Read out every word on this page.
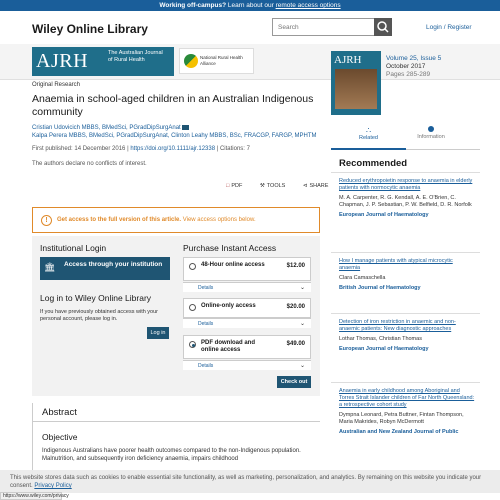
Working off-campus? Learn about our remote access options
Wiley Online Library
Search	Login / Register
AJRH	The Australian Journal of Rural Health	National Rural Health Alliance	AJRH	Volume 25, Issue 5
October 2017
Pages 285-289
Original Research
Anaemia in school-aged children in an Australian Indigenous community
Cristian Udovicich MBBS, BMedSci, PGradDipSurgAnat
Kalpa Perera MBBS, BMedSci, PGradDipSurgAnat, Clinton Leahy MBBS, BSc, FRACGP, FARGP, MPHTM
First published: 14 December 2016 | https://doi.org/10.1111/ajr.12338 | Citations: 7
The authors declare no conflicts of interest.
□ PDF	⚒ TOOLS	⊲ SHARE
∴
Related	Information
Recommended
Reduced erythropoietin response to anaemia in elderly patients with normocytic anaemia
M. A. Carpenter, R. G. Kendall, A. E. O'Brien, C. Chapman, J. P. Sebastian, P. W. Belfield, D. R. Norfolk
European Journal of Haematology
How I manage patients with atypical microcytic anaemia
Clara Camaschella
British Journal of Haematology
Detection of iron restriction in anaemic and non-anaemic patients: New diagnostic approaches
Lothar Thomas, Christian Thomas
European Journal of Haematology
Anaemia in early childhood among Aboriginal and Torres Strait Islander children of Far North Queensland: a retrospective cohort study
Dympna Leonard, Petra Buttner, Fintan Thompson, Maria Makrides, Robyn McDermott
Australian and New Zealand Journal of Public
!	Get access to the full version of this article. View access options below.
Institutional Login
🏛 Access through your institution
Log in to Wiley Online Library
If you have previously obtained access with your personal account, please log in.
Log in
Purchase Instant Access
48-Hour online access	$12.00
Details	⌄
Online-only access	$20.00
Details	⌄
PDF download and online access
$49.00
Details	⌄
Check out
Abstract
Objective
Indigenous Australians have poorer health outcomes compared to the non-Indigenous population. Malnutrition, and subsequently iron deficiency anaemia, impairs childhood
This website stores data such as cookies to enable essential site functionality, as well as marketing, personalization, and analytics. By remaining on this website you indicate your consent. Privacy Policy
https://www.wiley.com/privacy
